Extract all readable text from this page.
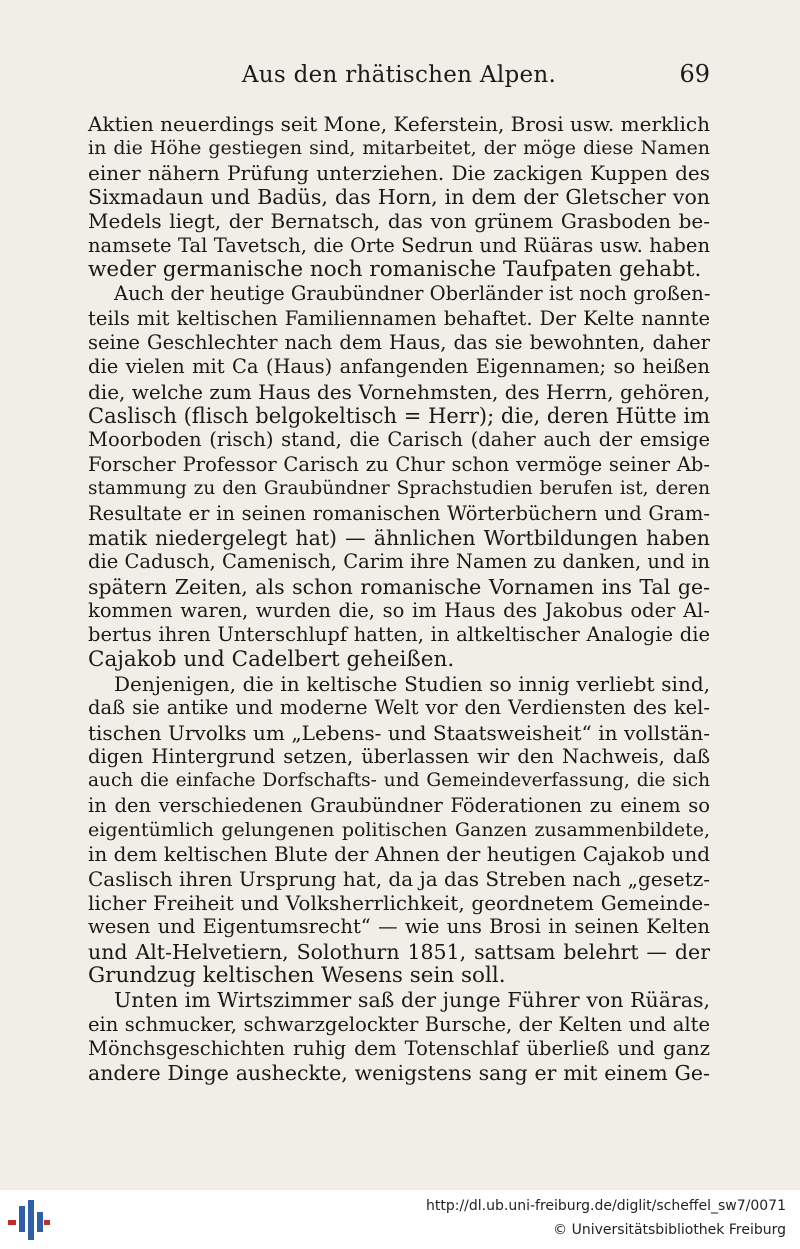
Aus den rhätischen Alpen.	69
Aktien neuerdings seit Mone, Keferstein, Brosi usw. merklich
in die Höhe gestiegen sind, mitarbeitet, der möge diese Namen
einer nähern Prüfung unterziehen. Die zackigen Kuppen des
Sixmadaun und Badüs, das Horn, in dem der Gletscher von
Medels liegt, der Bernatsch, das von grünem Grasboden be-
namsete Tal Tavetsch, die Orte Sedrun und Rüäras usw. haben
weder germanische noch romanische Taufpaten gehabt.
Auch der heutige Graubündner Oberländer ist noch großen-
teils mit keltischen Familiennamen behaftet. Der Kelte nannte
seine Geschlechter nach dem Haus, das sie bewohnten, daher
die vielen mit Ca (Haus) anfangenden Eigennamen; so heißen
die, welche zum Haus des Vornehmsten, des Herrn, gehören,
Caslisch (flisch belgokeltisch = Herr); die, deren Hütte im
Moorboden (risch) stand, die Carisch (daher auch der emsige
Forscher Professor Carisch zu Chur schon vermöge seiner Ab-
stammung zu den Graubündner Sprachstudien berufen ist, deren
Resultate er in seinen romanischen Wörterbüchern und Gram-
matik niedergelegt hat) — ähnlichen Wortbildungen haben
die Cadusch, Camenisch, Carim ihre Namen zu danken, und in
spätern Zeiten, als schon romanische Vornamen ins Tal ge-
kommen waren, wurden die, so im Haus des Jakobus oder Al-
bertus ihren Unterschlupf hatten, in altkeltischer Analogie die
Cajakob und Cadelbert geheißen.
Denjenigen, die in keltische Studien so innig verliebt sind,
daß sie antike und moderne Welt vor den Verdiensten des kel-
tischen Urvolks um „Lebens- und Staatsweisheit“ in vollstän-
digen Hintergrund setzen, überlassen wir den Nachweis, daß
auch die einfache Dorfschafts- und Gemeindeverfassung, die sich
in den verschiedenen Graubündner Föderationen zu einem so
eigentümlich gelungenen politischen Ganzen zusammenbildete,
in dem keltischen Blute der Ahnen der heutigen Cajakob und
Caslisch ihren Ursprung hat, da ja das Streben nach „gesetz-
licher Freiheit und Volksherrlichkeit, geordnetem Gemeinde-
wesen und Eigentumsrecht“ — wie uns Brosi in seinen Kelten
und Alt-Helvetiern, Solothurn 1851, sattsam belehrt — der
Grundzug keltischen Wesens sein soll.
Unten im Wirtszimmer saß der junge Führer von Rüäras,
ein schmucker, schwarzgelockter Bursche, der Kelten und alte
Mönchsgeschichten ruhig dem Totenschlaf überließ und ganz
andere Dinge ausheckte, wenigstens sang er mit einem Ge-
http://dl.ub.uni-freiburg.de/diglit/scheffel_sw7/0071
© Universitätsbibliothek Freiburg
